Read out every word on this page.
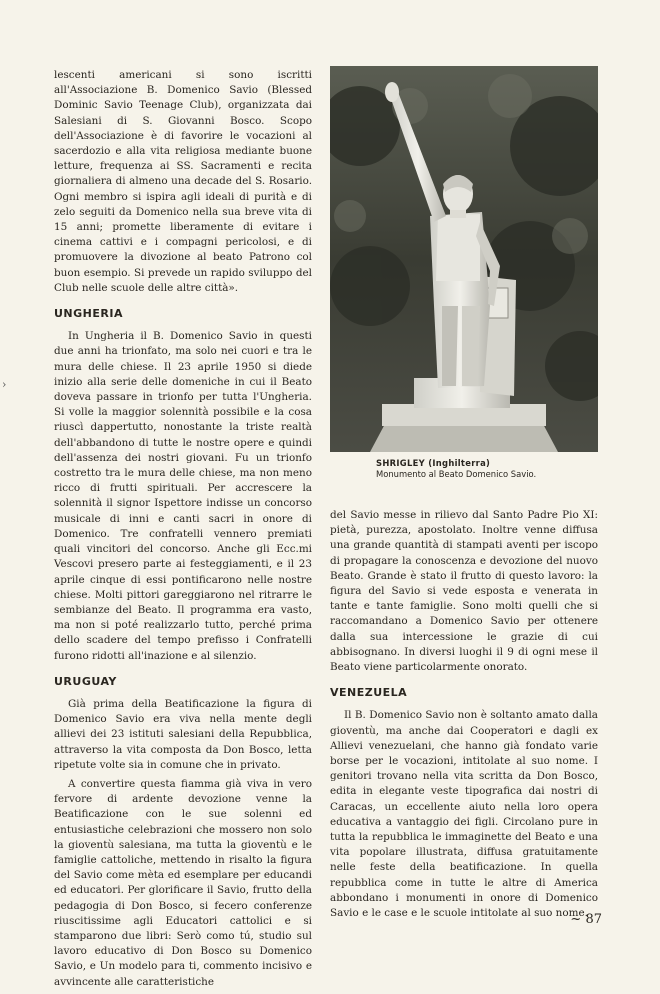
›

lescenti americani si sono iscritti all'Associazione B. Domenico Savio (Blessed Dominic Savio Teenage Club), organizzata dai Salesiani di S. Giovanni Bosco. Scopo dell'Associazione è di favorire le vocazioni al sacerdozio e alla vita religiosa mediante buone letture, frequenza ai SS. Sacramenti e recita giornaliera di almeno una decade del S. Rosario. Ogni membro si ispira agli ideali di purità e di zelo seguiti da Domenico nella sua breve vita di 15 anni; promette liberamente di evitare i cinema cattivi e i compagni pericolosi, e di promuovere la divozione al beato Patrono col buon esempio. Si prevede un rapido sviluppo del Club nelle scuole delle altre città».

UNGHERIA

In Ungheria il B. Domenico Savio in questi due anni ha trionfato, ma solo nei cuori e tra le mura delle chiese. Il 23 aprile 1950 si diede inizio alla serie delle domeniche in cui il Beato doveva passare in trionfo per tutta l'Ungheria. Si volle la maggior solennità possibile e la cosa riuscì dappertutto, nonostante la triste realtà dell'abbandono di tutte le nostre opere e quindi dell'assenza dei nostri giovani. Fu un trionfo costretto tra le mura delle chiese, ma non meno ricco di frutti spirituali. Per accrescere la solennità il signor Ispettore indisse un concorso musicale di inni e canti sacri in onore di Domenico. Tre confratelli vennero premiati quali vincitori del concorso. Anche gli Ecc.mi Vescovi presero parte ai festeggiamenti, e il 23 aprile cinque di essi pontificarono nelle nostre chiese. Molti pittori gareggiarono nel ritrarre le sembianze del Beato. Il programma era vasto, ma non si poté realizzarlo tutto, perché prima dello scadere del tempo prefisso i Confratelli furono ridotti all'inazione e al silenzio.

URUGUAY

Già prima della Beatificazione la figura di Domenico Savio era viva nella mente degli allievi dei 23 istituti salesiani della Repubblica, attraverso la vita composta da Don Bosco, letta ripetute volte sia in comune che in privato.

A convertire questa fiamma già viva in vero fervore di ardente devozione venne la Beatificazione con le sue solenni ed entusiastiche celebrazioni che mossero non solo la gioventù salesiana, ma tutta la gioventù e le famiglie cattoliche, mettendo in risalto la figura del Savio come mèta ed esemplare per educandi ed educatori. Per glorificare il Savio, frutto della pedagogia di Don Bosco, si fecero conferenze riuscitissime agli Educatori cattolici e si stamparono due libri: Serò como tú, studio sul lavoro educativo di Don Bosco su Domenico Savio, e Un modelo para ti, commento incisivo e avvincente alle caratteristiche

SHRIGLEY (Inghilterra)
Monumento al Beato Domenico Savio.

del Savio messe in rilievo dal Santo Padre Pio XI: pietà, purezza, apostolato. Inoltre venne diffusa una grande quantità di stampati aventi per iscopo di propagare la conoscenza e devozione del nuovo Beato. Grande è stato il frutto di questo lavoro: la figura del Savio si vede esposta e venerata in tante e tante famiglie. Sono molti quelli che si raccomandano a Domenico Savio per ottenere dalla sua intercessione le grazie di cui abbisognano. In diversi luoghi il 9 di ogni mese il Beato viene particolarmente onorato.

VENEZUELA

Il B. Domenico Savio non è soltanto amato dalla gioventù, ma anche dai Cooperatori e dagli ex Allievi venezuelani, che hanno già fondato varie borse per le vocazioni, intitolate al suo nome. I genitori trovano nella vita scritta da Don Bosco, edita in elegante veste tipografica dai nostri di Caracas, un eccellente aiuto nella loro opera educativa a vantaggio dei figli. Circolano pure in tutta la repubblica le immaginette del Beato e una vita popolare illustrata, diffusa gratuitamente nelle feste della beatificazione. In quella repubblica come in tutte le altre di America abbondano i monumenti in onore di Domenico Savio e le case e le scuole intitolate al suo nome.

~ 87
